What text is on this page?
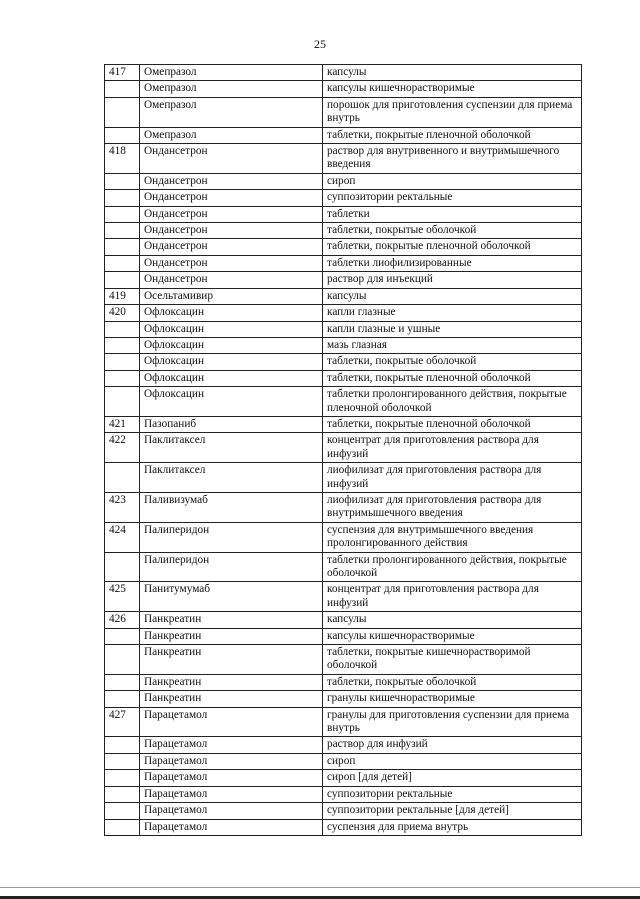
25
417	Омепразол	капсулы
	Омепразол	капсулы кишечнорастворимые
	Омепразол	порошок для приготовления суспензии для приема внутрь
	Омепразол	таблетки, покрытые пленочной оболочкой
418	Ондансетрон	раствор для внутривенного и внутримышечного введения
	Ондансетрон	сироп
	Ондансетрон	суппозитории ректальные
	Ондансетрон	таблетки
	Ондансетрон	таблетки, покрытые оболочкой
	Ондансетрон	таблетки, покрытые пленочной оболочкой
	Ондансетрон	таблетки лиофилизированные
	Ондансетрон	раствор для инъекций
419	Осельтамивир	капсулы
420	Офлоксацин	капли глазные
	Офлоксацин	капли глазные и ушные
	Офлоксацин	мазь глазная
	Офлоксацин	таблетки, покрытые оболочкой
	Офлоксацин	таблетки, покрытые пленочной оболочкой
	Офлоксацин	таблетки пролонгированного действия, покрытые пленочной оболочкой
421	Пазопаниб	таблетки, покрытые пленочной оболочкой
422	Паклитаксел	концентрат для приготовления раствора для инфузий
	Паклитаксел	лиофилизат для приготовления раствора для инфузий
423	Паливизумаб	лиофилизат для приготовления раствора для внутримышечного введения
424	Палиперидон	суспензия для внутримышечного введения пролонгированного действия
	Палиперидон	таблетки пролонгированного действия, покрытые оболочкой
425	Панитумумаб	концентрат для приготовления раствора для инфузий
426	Панкреатин	капсулы
	Панкреатин	капсулы кишечнорастворимые
	Панкреатин	таблетки, покрытые кишечнорастворимой оболочкой
	Панкреатин	таблетки, покрытые оболочкой
	Панкреатин	гранулы кишечнорастворимые
427	Парацетамол	гранулы для приготовления суспензии для приема внутрь
	Парацетамол	раствор для инфузий
	Парацетамол	сироп
	Парацетамол	сироп [для детей]
	Парацетамол	суппозитории ректальные
	Парацетамол	суппозитории ректальные [для детей]
	Парацетамол	суспензия для приема внутрь
